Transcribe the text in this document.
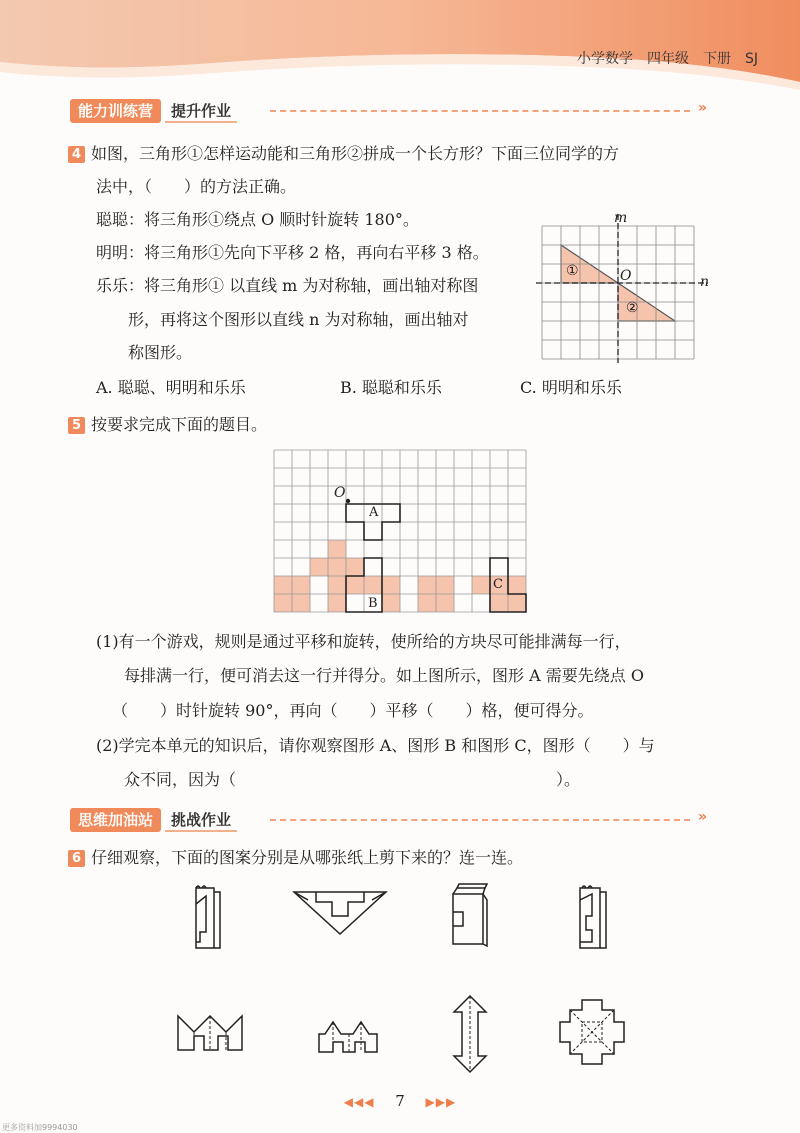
小学数学　四年级　下册　SJ
能力训练营	提升作业	»
4 如图，三角形①怎样运动能和三角形②拼成一个长方形？下面三位同学的方
法中，（　　）的方法正确。
聪聪：将三角形①绕点 O 顺时针旋转 180°。
明明：将三角形①先向下平移 2 格，再向右平移 3 格。
乐乐：将三角形① 以直线 m 为对称轴，画出轴对称图
形，再将这个图形以直线 n 为对称轴，画出轴对
称图形。
A. 聪聪、明明和乐乐	B. 聪聪和乐乐	C. 明明和乐乐
m
n
O
①
②
5 按要求完成下面的题目。
O
A
B
C
(1)有一个游戏，规则是通过平移和旋转，使所给的方块尽可能排满每一行，
每排满一行，便可消去这一行并得分。如上图所示，图形 A 需要先绕点 O
（　　）时针旋转 90°，再向（　　）平移（　　）格，便可得分。
(2)学完本单元的知识后，请你观察图形 A、图形 B 和图形 C，图形（　　）与
众不同，因为（　　　　　　　　　　　　　　　　　　　　）。
思维加油站	挑战作业	»
6 仔细观察，下面的图案分别是从哪张纸上剪下来的？连一连。
◀◀◀ 7 ▶▶▶
更多资料加9994030
